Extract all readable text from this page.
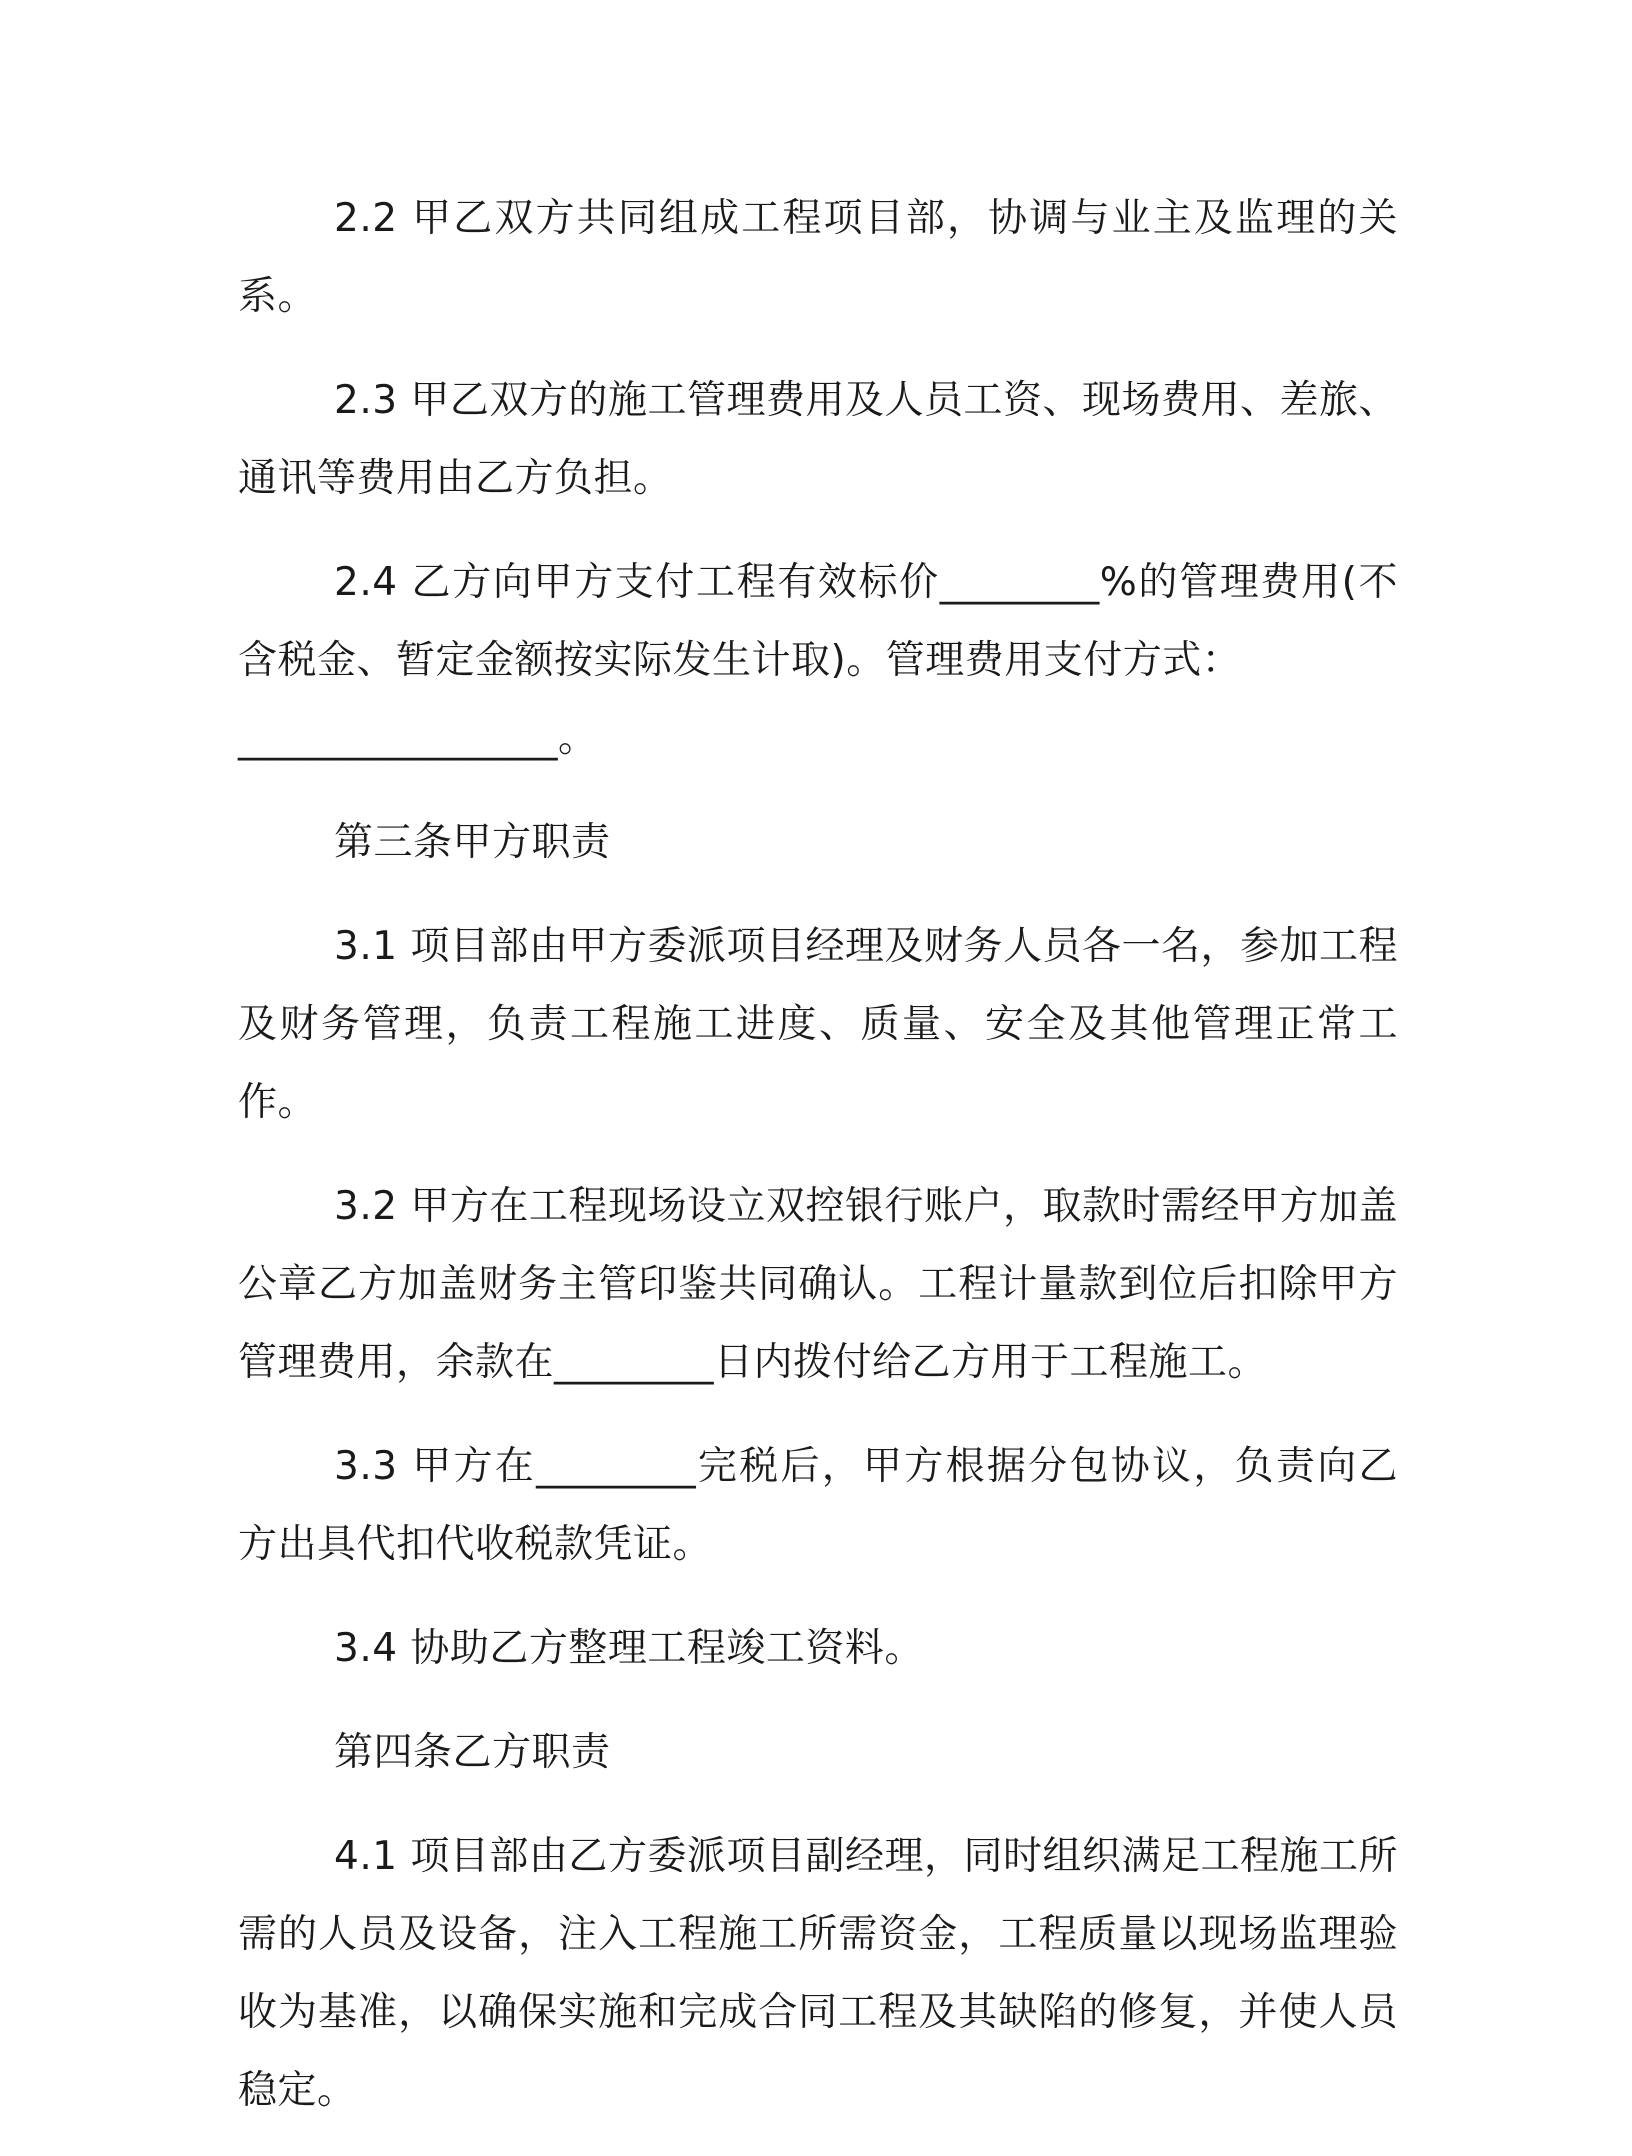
2.2 甲乙双方共同组成工程项目部，协调与业主及监理的关系。

2.3 甲乙双方的施工管理费用及人员工资、现场费用、差旅、通讯等费用由乙方负担。

2.4 乙方向甲方支付工程有效标价________%的管理费用(不含税金、暂定金额按实际发生计取)。管理费用支付方式：

________________。

第三条甲方职责

3.1 项目部由甲方委派项目经理及财务人员各一名，参加工程及财务管理，负责工程施工进度、质量、安全及其他管理正常工作。

3.2 甲方在工程现场设立双控银行账户，取款时需经甲方加盖公章乙方加盖财务主管印鉴共同确认。工程计量款到位后扣除甲方管理费用，余款在________日内拨付给乙方用于工程施工。

3.3 甲方在________完税后，甲方根据分包协议，负责向乙方出具代扣代收税款凭证。

3.4 协助乙方整理工程竣工资料。

第四条乙方职责

4.1 项目部由乙方委派项目副经理，同时组织满足工程施工所需的人员及设备，注入工程施工所需资金，工程质量以现场监理验收为基准，以确保实施和完成合同工程及其缺陷的修复，并使人员稳定。
